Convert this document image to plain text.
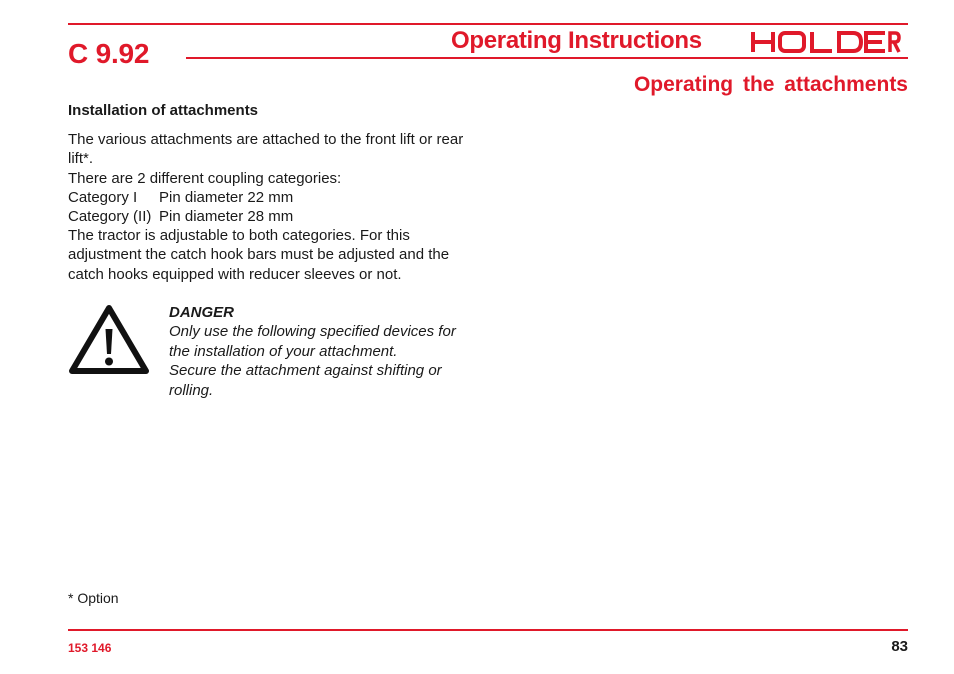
C 9.92	Operating Instructions
Operating the attachments
Installation of attachments

The various attachments are attached to the front lift or rear lift*.

There are 2 different coupling categories:

Category I	Pin diameter 22 mm
Category (II) Pin diameter 28 mm

The tractor is adjustable to both categories. For this adjustment the catch hook bars must be adjusted and the catch hooks equipped with reducer sleeves or not.

DANGER

Only use the following specified devices for the installation of your attachment.

Secure the attachment against shifting or rolling.

* Option
153 146	83
